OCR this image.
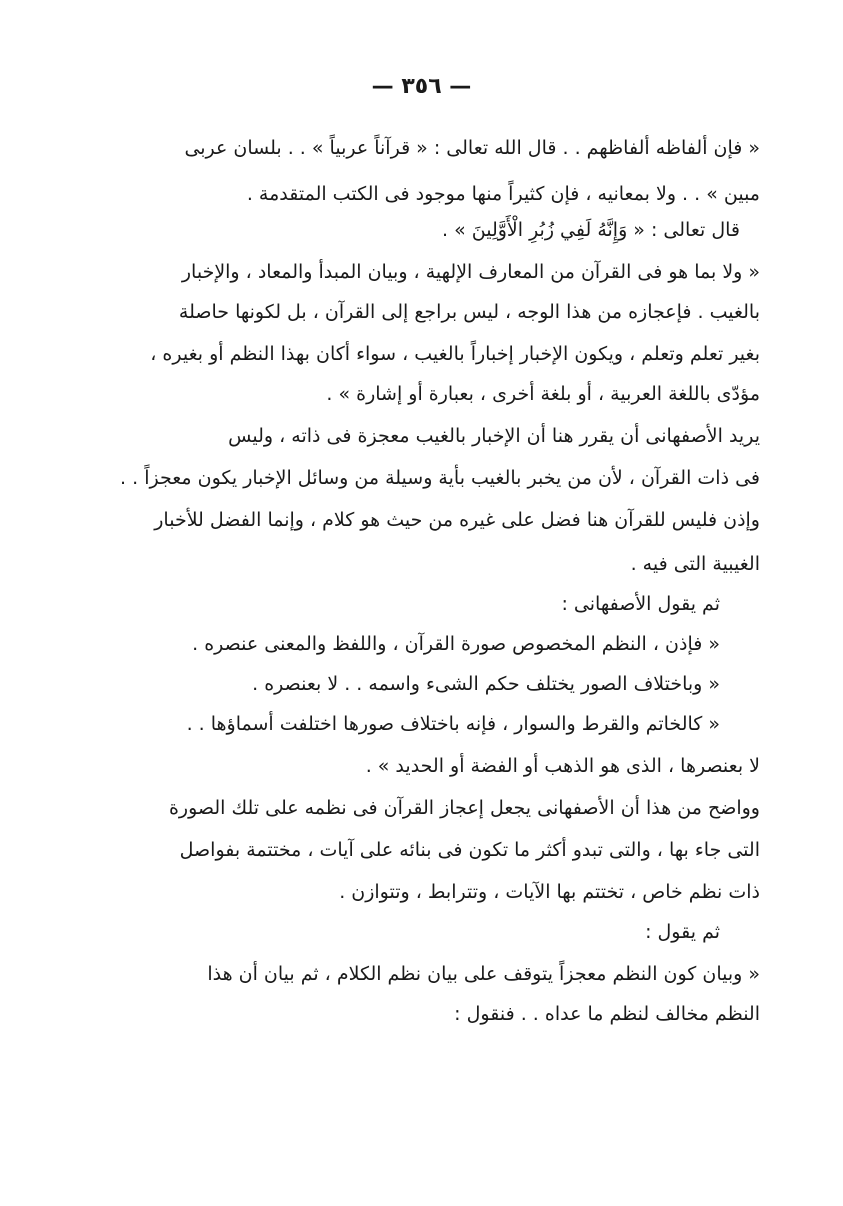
— ٣٥٦ —
« فإن ألفاظه ألفاظهم . . قال الله تعالى : « قرآناً عربياً » . . بلسان عربى
مبين » . . ولا بمعانيه ، فإن كثيراً منها موجود فى الكتب المتقدمة .
قال تعالى : « وَإِنَّهُ لَفِي زُبُرِ الْأَوَّلِينَ » .
« ولا بما هو فى القرآن من المعارف الإلهية ، وبيان المبدأ والمعاد ، والإخبار
بالغيب . فإعجازه من هذا الوجه ، ليس براجع إلى القرآن ، بل لكونها حاصلة
بغير تعلم وتعلم ، ويكون الإخبار إخباراً بالغيب ، سواء أكان بهذا النظم أو بغيره ،
مؤدّى باللغة العربية ، أو بلغة أخرى ، بعبارة أو إشارة » .
يريد الأصفهانى أن يقرر هنا أن الإخبار بالغيب معجزة فى ذاته ، وليس
فى ذات القرآن ، لأن من يخبر بالغيب بأية وسيلة من وسائل الإخبار يكون معجزاً . .
وإذن فليس للقرآن هنا فضل على غيره من حيث هو كلام ، وإنما الفضل للأخبار
الغيبية التى فيه .
ثم يقول الأصفهانى :
« فإذن ، النظم المخصوص صورة القرآن ، واللفظ والمعنى عنصره .
« وباختلاف الصور يختلف حكم الشىء واسمه . . لا بعنصره .
« كالخاتم والقرط والسوار ، فإنه باختلاف صورها اختلفت أسماؤها . .
لا بعنصرها ، الذى هو الذهب أو الفضة أو الحديد » .
وواضح من هذا أن الأصفهانى يجعل إعجاز القرآن فى نظمه على تلك الصورة
التى جاء بها ، والتى تبدو أكثر ما تكون فى بنائه على آيات ، مختتمة بفواصل
ذات نظم خاص ، تختتم بها الآيات ، وتترابط ، وتتوازن .
ثم يقول :
« وبيان كون النظم معجزاً يتوقف على بيان نظم الكلام ، ثم بيان أن هذا
النظم مخالف لنظم ما عداه . . فنقول :
